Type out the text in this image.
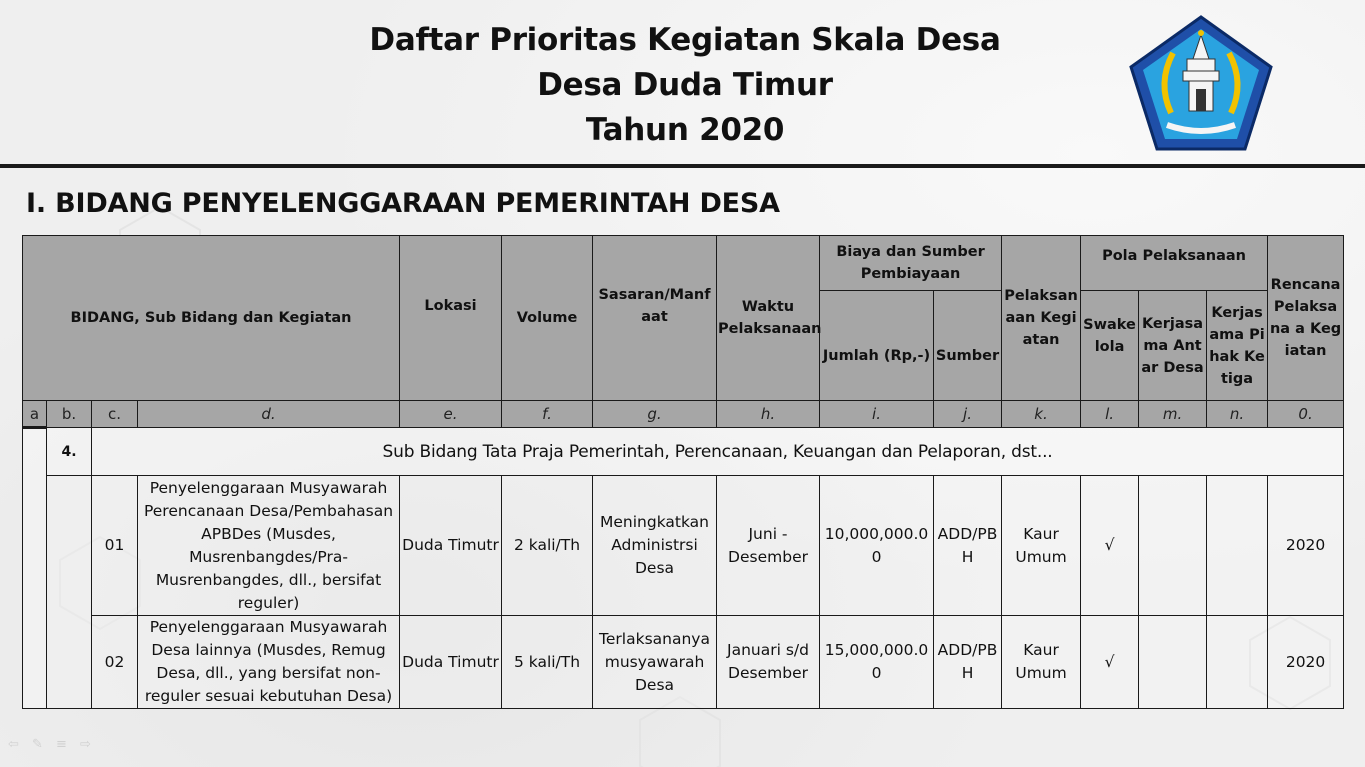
Daftar Prioritas Kegiatan Skala Desa
Desa Duda Timur
Tahun 2020
I. BIDANG PENYELENGGARAAN PEMERINTAH DESA
BIDANG, Sub Bidang dan Kegiatan				Lokasi	Volume	Sasaran/Manfaat	Waktu Pelaksanaan	Biaya dan Sumber Pembiayaan		Pelaksanaan Kegiatan	Pola Pelaksanaan			Rencana Pelaksana a Kegiatan
								Jumlah (Rp,-)	Sumber		Swakelola	Kerjasama Antar Desa	Kerjasama Pihak Ketiga	
a	b.	c.	d.	e.	f.	g.	h.	i.	j.	k.	l.	m.	n.	0.
	4.	Sub Bidang Tata Praja Pemerintah, Perencanaan, Keuangan dan Pelaporan, dst...												
		01	Penyelenggaraan Musyawarah Perencanaan Desa/Pembahasan APBDes (Musdes, Musrenbangdes/Pra-Musrenbangdes, dll., bersifat reguler)	Duda Timutr	2 kali/Th	Meningkatkan Administrsi Desa	Juni - Desember	10,000,000.00	ADD/PBH	Kaur Umum	√			2020
		02	Penyelenggaraan Musyawarah Desa lainnya (Musdes, Remug Desa, dll., yang bersifat non-reguler sesuai kebutuhan Desa)	Duda Timutr	5 kali/Th	Terlaksananya musyawarah Desa	Januari s/d Desember	15,000,000.00	ADD/PBH	Kaur Umum	√			2020
⇦ ✎ ≡ ⇨
